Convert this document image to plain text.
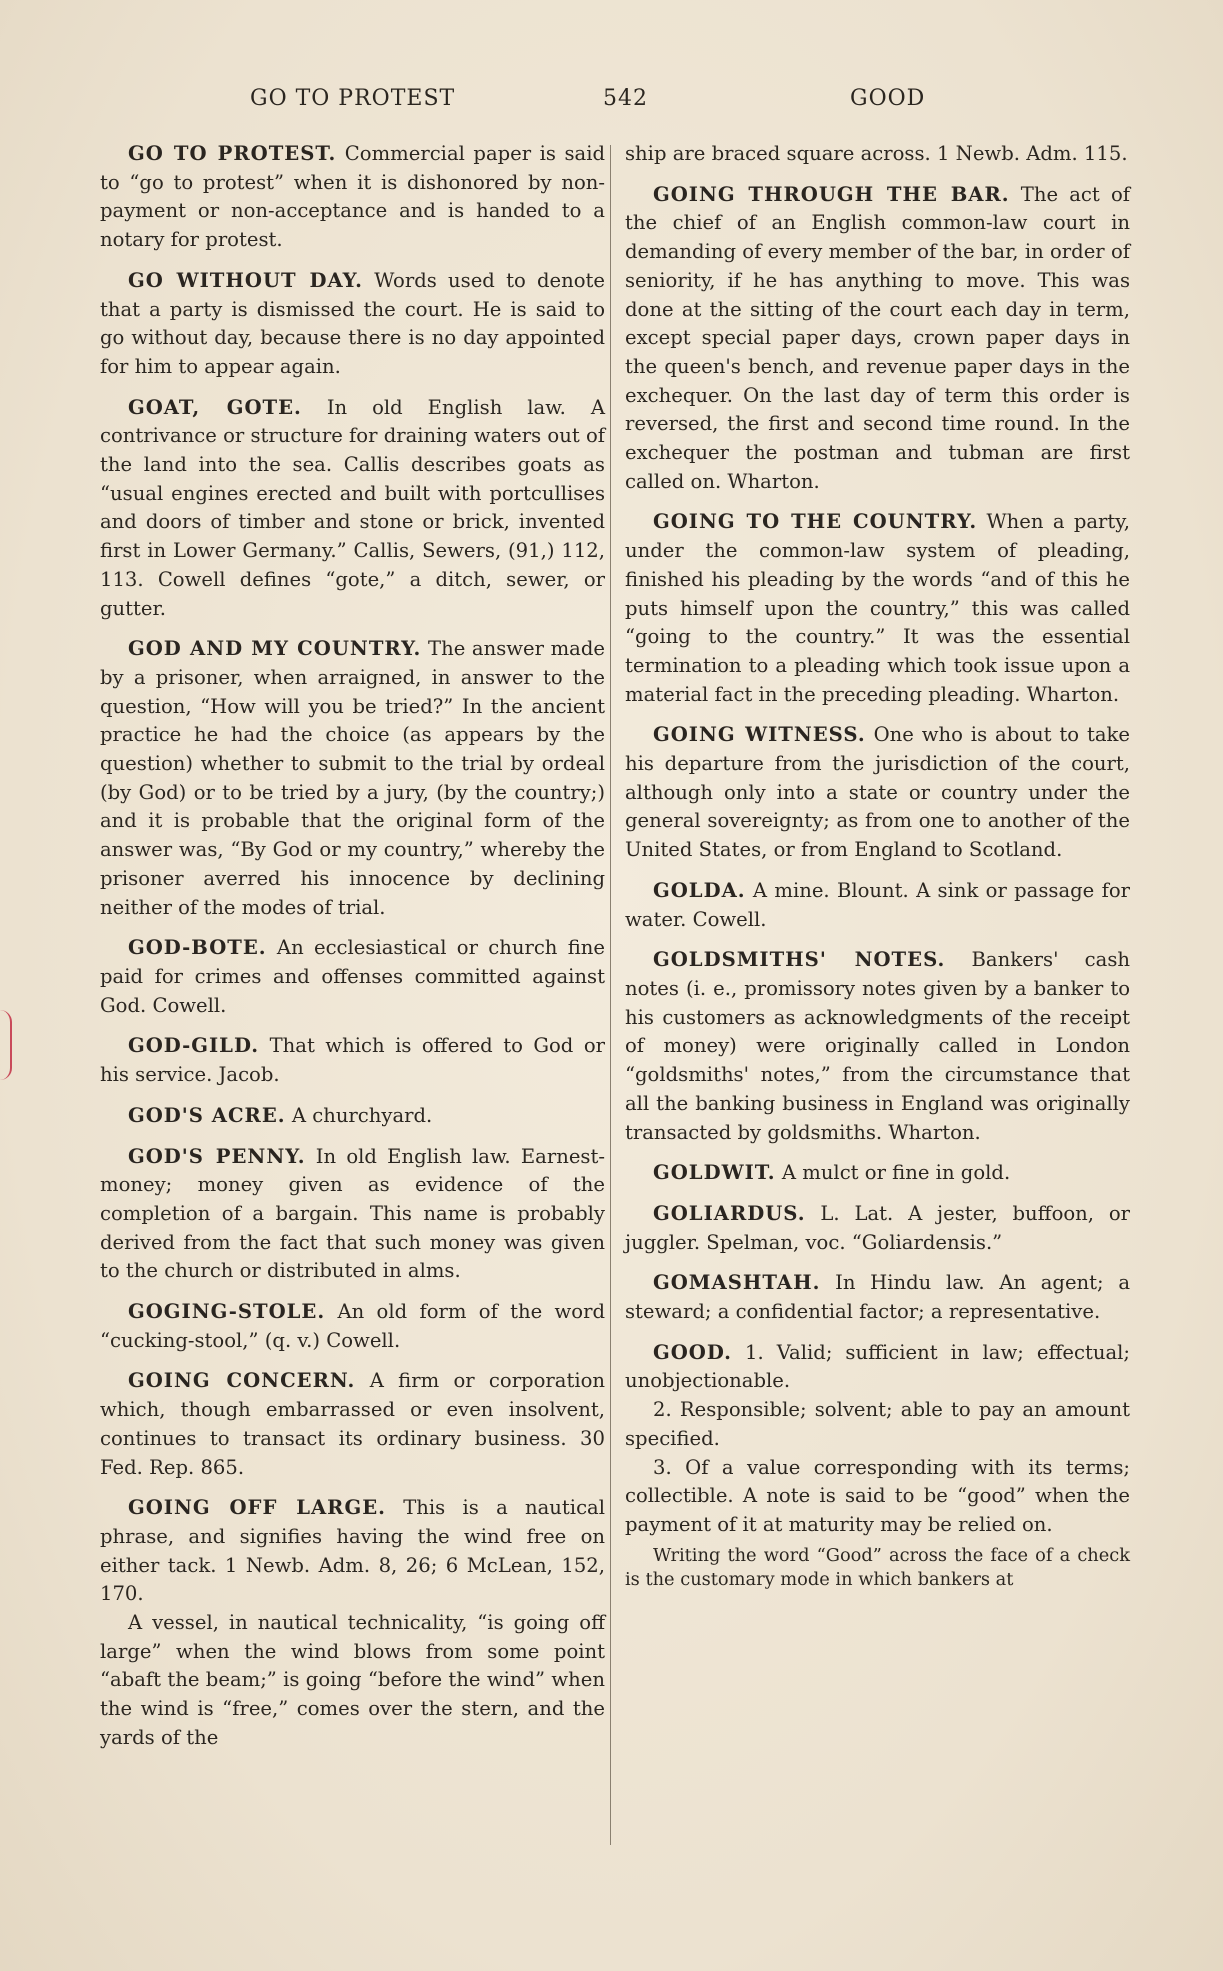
GO TO PROTEST	542	GOOD

GO TO PROTEST. Commercial paper is said to “go to protest” when it is dishonored by non-payment or non-acceptance and is handed to a notary for protest.

GO WITHOUT DAY. Words used to denote that a party is dismissed the court. He is said to go without day, because there is no day appointed for him to appear again.

GOAT, GOTE. In old English law. A contrivance or structure for draining waters out of the land into the sea. Callis describes goats as “usual engines erected and built with portcullises and doors of timber and stone or brick, invented first in Lower Germany.” Callis, Sewers, (91,) 112, 113. Cowell defines “gote,” a ditch, sewer, or gutter.

GOD AND MY COUNTRY. The answer made by a prisoner, when arraigned, in answer to the question, “How will you be tried?” In the ancient practice he had the choice (as appears by the question) whether to submit to the trial by ordeal (by God) or to be tried by a jury, (by the country;) and it is probable that the original form of the answer was, “By God or my country,” whereby the prisoner averred his innocence by declining neither of the modes of trial.

GOD-BOTE. An ecclesiastical or church fine paid for crimes and offenses committed against God. Cowell.

GOD-GILD. That which is offered to God or his service. Jacob.

GOD'S ACRE. A churchyard.

GOD'S PENNY. In old English law. Earnest-money; money given as evidence of the completion of a bargain. This name is probably derived from the fact that such money was given to the church or distributed in alms.

GOGING-STOLE. An old form of the word “cucking-stool,” (q. v.) Cowell.

GOING CONCERN. A firm or corporation which, though embarrassed or even insolvent, continues to transact its ordinary business. 30 Fed. Rep. 865.

GOING OFF LARGE. This is a nautical phrase, and signifies having the wind free on either tack. 1 Newb. Adm. 8, 26; 6 McLean, 152, 170.

A vessel, in nautical technicality, “is going off large” when the wind blows from some point “abaft the beam;” is going “before the wind” when the wind is “free,” comes over the stern, and the yards of the

ship are braced square across. 1 Newb. Adm. 115.

GOING THROUGH THE BAR. The act of the chief of an English common-law court in demanding of every member of the bar, in order of seniority, if he has anything to move. This was done at the sitting of the court each day in term, except special paper days, crown paper days in the queen's bench, and revenue paper days in the exchequer. On the last day of term this order is reversed, the first and second time round. In the exchequer the postman and tubman are first called on. Wharton.

GOING TO THE COUNTRY. When a party, under the common-law system of pleading, finished his pleading by the words “and of this he puts himself upon the country,” this was called “going to the country.” It was the essential termination to a pleading which took issue upon a material fact in the preceding pleading. Wharton.

GOING WITNESS. One who is about to take his departure from the jurisdiction of the court, although only into a state or country under the general sovereignty; as from one to another of the United States, or from England to Scotland.

GOLDA. A mine. Blount. A sink or passage for water. Cowell.

GOLDSMITHS' NOTES. Bankers' cash notes (i. e., promissory notes given by a banker to his customers as acknowledgments of the receipt of money) were originally called in London “goldsmiths' notes,” from the circumstance that all the banking business in England was originally transacted by goldsmiths. Wharton.

GOLDWIT. A mulct or fine in gold.

GOLIARDUS. L. Lat. A jester, buffoon, or juggler. Spelman, voc. “Goliardensis.”

GOMASHTAH. In Hindu law. An agent; a steward; a confidential factor; a representative.

GOOD. 1. Valid; sufficient in law; effectual; unobjectionable.

2. Responsible; solvent; able to pay an amount specified.

3. Of a value corresponding with its terms; collectible. A note is said to be “good” when the payment of it at maturity may be relied on.

Writing the word “Good” across the face of a check is the customary mode in which bankers at
